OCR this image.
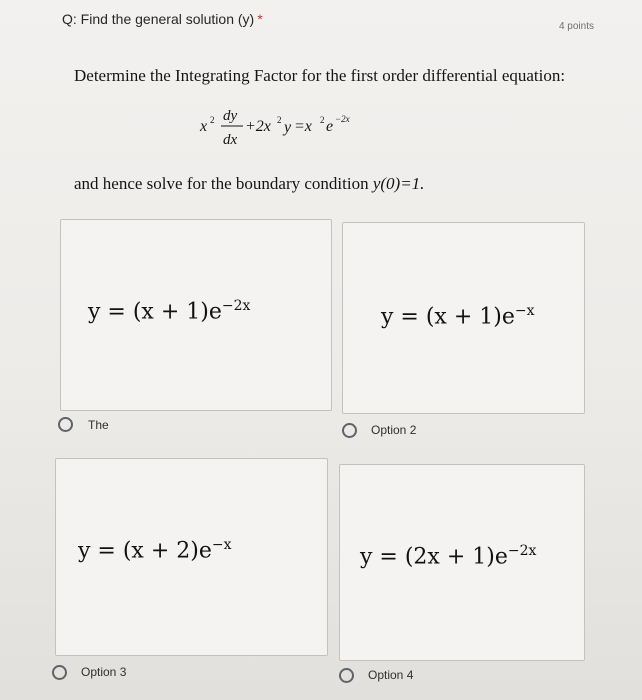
Q: Find the general solution (y) *	4 points
Determine the Integrating Factor for the first order differential equation:
x 2 dy
dx
+2x 2 y =x 2 e −2x
and hence solve for the boundary condition y(0)=1.
$y = (x + 1)e^{-2x}$
The
$y = (x + 1)e^{-x}$
Option 2
$y = (x + 2)e^{-x}$
Option 3
$y = (2x + 1)e^{-2x}$
Option 4
